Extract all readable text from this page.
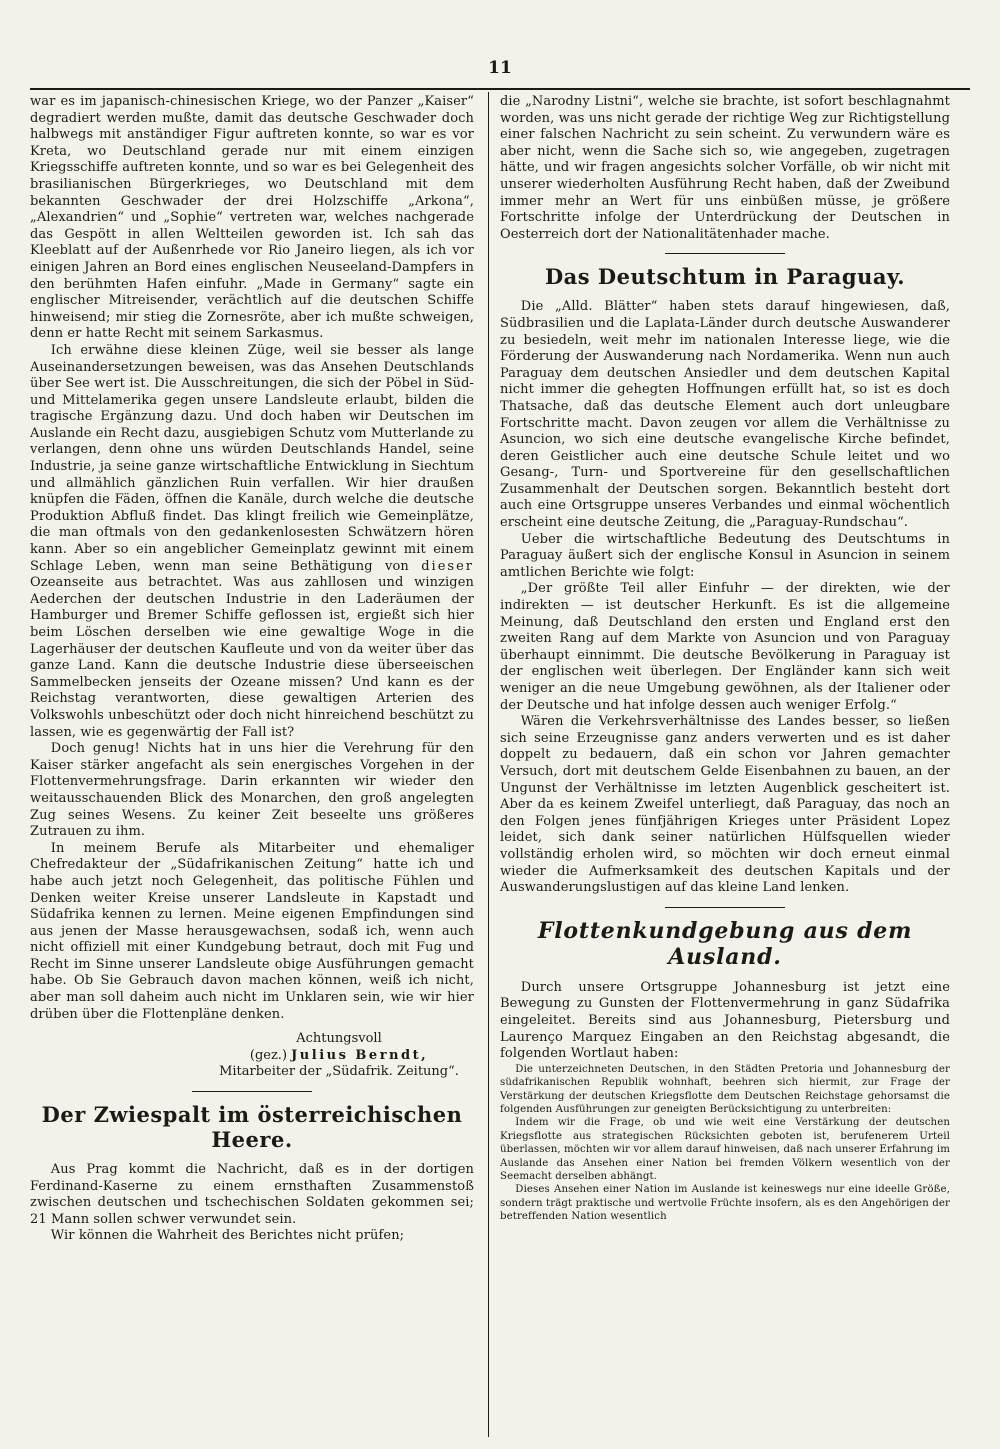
11

war es im japanisch-chinesischen Kriege, wo der Panzer „Kaiser“ degradiert werden mußte, damit das deutsche Geschwader doch halbwegs mit anständiger Figur auftreten konnte, so war es vor Kreta, wo Deutschland gerade nur mit einem einzigen Kriegsschiffe auftreten konnte, und so war es bei Gelegenheit des brasilianischen Bürgerkrieges, wo Deutschland mit dem bekannten Geschwader der drei Holzschiffe „Arkona“, „Alexandrien“ und „Sophie“ vertreten war, welches nachgerade das Gespött in allen Weltteilen geworden ist. Ich sah das Kleeblatt auf der Außenrhede vor Rio Janeiro liegen, als ich vor einigen Jahren an Bord eines englischen Neuseeland-Dampfers in den berühmten Hafen einfuhr. „Made in Germany“ sagte ein englischer Mitreisender, verächtlich auf die deutschen Schiffe hinweisend; mir stieg die Zornesröte, aber ich mußte schweigen, denn er hatte Recht mit seinem Sarkasmus.

Ich erwähne diese kleinen Züge, weil sie besser als lange Auseinandersetzungen beweisen, was das Ansehen Deutschlands über See wert ist. Die Ausschreitungen, die sich der Pöbel in Süd- und Mittelamerika gegen unsere Landsleute erlaubt, bilden die tragische Ergänzung dazu. Und doch haben wir Deutschen im Auslande ein Recht dazu, ausgiebigen Schutz vom Mutterlande zu verlangen, denn ohne uns würden Deutschlands Handel, seine Industrie, ja seine ganze wirtschaftliche Entwicklung in Siechtum und allmählich gänzlichen Ruin verfallen. Wir hier draußen knüpfen die Fäden, öffnen die Kanäle, durch welche die deutsche Produktion Abfluß findet. Das klingt freilich wie Gemeinplätze, die man oftmals von den gedankenlosesten Schwätzern hören kann. Aber so ein angeblicher Gemeinplatz gewinnt mit einem Schlage Leben, wenn man seine Bethätigung von dieser Ozeanseite aus betrachtet. Was aus zahllosen und winzigen Aederchen der deutschen Industrie in den Laderäumen der Hamburger und Bremer Schiffe geflossen ist, ergießt sich hier beim Löschen derselben wie eine gewaltige Woge in die Lagerhäuser der deutschen Kaufleute und von da weiter über das ganze Land. Kann die deutsche Industrie diese überseeischen Sammelbecken jenseits der Ozeane missen? Und kann es der Reichstag verantworten, diese gewaltigen Arterien des Volkswohls unbeschützt oder doch nicht hinreichend beschützt zu lassen, wie es gegenwärtig der Fall ist?

Doch genug! Nichts hat in uns hier die Verehrung für den Kaiser stärker angefacht als sein energisches Vorgehen in der Flottenvermehrungsfrage. Darin erkannten wir wieder den weitausschauenden Blick des Monarchen, den groß angelegten Zug seines Wesens. Zu keiner Zeit beseelte uns größeres Zutrauen zu ihm.

In meinem Berufe als Mitarbeiter und ehemaliger Chefredakteur der „Südafrikanischen Zeitung“ hatte ich und habe auch jetzt noch Gelegenheit, das politische Fühlen und Denken weiter Kreise unserer Landsleute in Kapstadt und Südafrika kennen zu lernen. Meine eigenen Empfindungen sind aus jenen der Masse herausgewachsen, sodaß ich, wenn auch nicht offiziell mit einer Kundgebung betraut, doch mit Fug und Recht im Sinne unserer Landsleute obige Ausführungen gemacht habe. Ob Sie Gebrauch davon machen können, weiß ich nicht, aber man soll daheim auch nicht im Unklaren sein, wie wir hier drüben über die Flottenpläne denken.

Achtungsvoll
(gez.) Julius Berndt,
Mitarbeiter der „Südafrik. Zeitung“.
Der Zwiespalt im österreichischen Heere.

Aus Prag kommt die Nachricht, daß es in der dortigen Ferdinand-Kaserne zu einem ernsthaften Zusammenstoß zwischen deutschen und tschechischen Soldaten gekommen sei; 21 Mann sollen schwer verwundet sein.

Wir können die Wahrheit des Berichtes nicht prüfen;

die „Narodny Listni“, welche sie brachte, ist sofort beschlagnahmt worden, was uns nicht gerade der richtige Weg zur Richtigstellung einer falschen Nachricht zu sein scheint. Zu verwundern wäre es aber nicht, wenn die Sache sich so, wie angegeben, zugetragen hätte, und wir fragen angesichts solcher Vorfälle, ob wir nicht mit unserer wiederholten Ausführung Recht haben, daß der Zweibund immer mehr an Wert für uns einbüßen müsse, je größere Fortschritte infolge der Unterdrückung der Deutschen in Oesterreich dort der Nationalitätenhader mache.

Das Deutschtum in Paraguay.

Die „Alld. Blätter“ haben stets darauf hingewiesen, daß, Südbrasilien und die Laplata-Länder durch deutsche Auswanderer zu besiedeln, weit mehr im nationalen Interesse liege, wie die Förderung der Auswanderung nach Nordamerika. Wenn nun auch Paraguay dem deutschen Ansiedler und dem deutschen Kapital nicht immer die gehegten Hoffnungen erfüllt hat, so ist es doch Thatsache, daß das deutsche Element auch dort unleugbare Fortschritte macht. Davon zeugen vor allem die Verhältnisse zu Asuncion, wo sich eine deutsche evangelische Kirche befindet, deren Geistlicher auch eine deutsche Schule leitet und wo Gesang-, Turn- und Sportvereine für den gesellschaftlichen Zusammenhalt der Deutschen sorgen. Bekanntlich besteht dort auch eine Ortsgruppe unseres Verbandes und einmal wöchentlich erscheint eine deutsche Zeitung, die „Paraguay-Rundschau“.

Ueber die wirtschaftliche Bedeutung des Deutschtums in Paraguay äußert sich der englische Konsul in Asuncion in seinem amtlichen Berichte wie folgt:

„Der größte Teil aller Einfuhr — der direkten, wie der indirekten — ist deutscher Herkunft. Es ist die allgemeine Meinung, daß Deutschland den ersten und England erst den zweiten Rang auf dem Markte von Asuncion und von Paraguay überhaupt einnimmt. Die deutsche Bevölkerung in Paraguay ist der englischen weit überlegen. Der Engländer kann sich weit weniger an die neue Umgebung gewöhnen, als der Italiener oder der Deutsche und hat infolge dessen auch weniger Erfolg.“

Wären die Verkehrsverhältnisse des Landes besser, so ließen sich seine Erzeugnisse ganz anders verwerten und es ist daher doppelt zu bedauern, daß ein schon vor Jahren gemachter Versuch, dort mit deutschem Gelde Eisenbahnen zu bauen, an der Ungunst der Verhältnisse im letzten Augenblick gescheitert ist. Aber da es keinem Zweifel unterliegt, daß Paraguay, das noch an den Folgen jenes fünfjährigen Krieges unter Präsident Lopez leidet, sich dank seiner natürlichen Hülfsquellen wieder vollständig erholen wird, so möchten wir doch erneut einmal wieder die Aufmerksamkeit des deutschen Kapitals und der Auswanderungslustigen auf das kleine Land lenken.

Flottenkundgebung aus dem Ausland.

Durch unsere Ortsgruppe Johannesburg ist jetzt eine Bewegung zu Gunsten der Flottenvermehrung in ganz Südafrika eingeleitet. Bereits sind aus Johannesburg, Pietersburg und Laurenço Marquez Eingaben an den Reichstag abgesandt, die folgenden Wortlaut haben:

Die unterzeichneten Deutschen, in den Städten Pretoria und Johannesburg der südafrikanischen Republik wohnhaft, beehren sich hiermit, zur Frage der Verstärkung der deutschen Kriegsflotte dem Deutschen Reichstage gehorsamst die folgenden Ausführungen zur geneigten Berücksichtigung zu unterbreiten:

Indem wir die Frage, ob und wie weit eine Verstärkung der deutschen Kriegsflotte aus strategischen Rücksichten geboten ist, berufenerem Urteil überlassen, möchten wir vor allem darauf hinweisen, daß nach unserer Erfahrung im Auslande das Ansehen einer Nation bei fremden Völkern wesentlich von der Seemacht derselben abhängt.

Dieses Ansehen einer Nation im Auslande ist keineswegs nur eine ideelle Größe, sondern trägt praktische und wertvolle Früchte insofern, als es den Angehörigen der betreffenden Nation wesentlich
